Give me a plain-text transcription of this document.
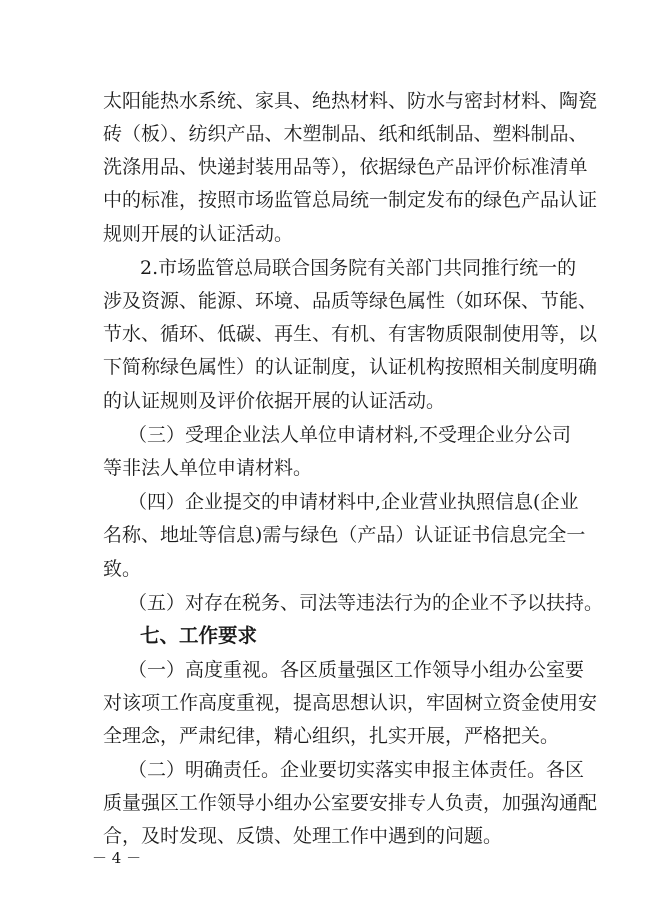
太阳能热水系统、家具、绝热材料、防水与密封材料、陶瓷
砖（板）、纺织产品、木塑制品、纸和纸制品、塑料制品、
洗涤用品、快递封装用品等），依据绿色产品评价标准清单
中的标准，按照市场监管总局统一制定发布的绿色产品认证
规则开展的认证活动。
2.市场监管总局联合国务院有关部门共同推行统一的
涉及资源、能源、环境、品质等绿色属性（如环保、节能、
节水、循环、低碳、再生、有机、有害物质限制使用等，以
下简称绿色属性）的认证制度，认证机构按照相关制度明确
的认证规则及评价依据开展的认证活动。
（三）受理企业法人单位申请材料,不受理企业分公司
等非法人单位申请材料。
（四）企业提交的申请材料中,企业营业执照信息(企业
名称、地址等信息)需与绿色（产品）认证证书信息完全一
致。
（五）对存在税务、司法等违法行为的企业不予以扶持。
七、工作要求
（一）高度重视。各区质量强区工作领导小组办公室要
对该项工作高度重视，提高思想认识，牢固树立资金使用安
全理念，严肃纪律，精心组织，扎实开展，严格把关。
（二）明确责任。企业要切实落实申报主体责任。各区
质量强区工作领导小组办公室要安排专人负责，加强沟通配
合，及时发现、反馈、处理工作中遇到的问题。
－ 4 －
